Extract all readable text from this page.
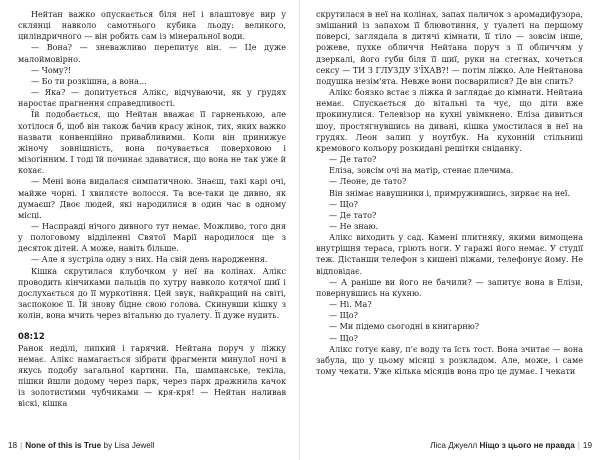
Нейтан важко опускається біля неї і влаштовує вир у склянці навколо самотнього кубика льоду: великого, циліндричного — він робить сам із мінеральної води.

— Вона? — зневажливо перепитує він. — Це дуже малоймовірно.

— Чому?!

— Бо ти розкішна, а вона…

— Яка? — допитується Алікс, відчуваючи, як у грудях наростає прагнення справедливості.

Їй подобається, що Нейтан вважає її гарненькою, але хотілося б, щоб він також бачив красу жінок, тих, яких важко назвати конвенційно привабливими. Коли він принижує жіночу зовнішність, вона почувається поверховою і мізогінним. І тоді їй починає здаватися, що вона не так уже й кохає.

— Мені вона видалася симпатичною. Знаєш, такі карі очі, майже чорні. І хвилясте волосся. Та все-таки це дивно, як думаєш? Двоє людей, які народилися в один час в одному місці.

— Насправді нічого дивного тут немає. Можливо, того дня у пологовому відділенні Святої Марії народилося ще з десяток дітей. А може, навіть більше.

— Але я зустріла одну з них. На свій день народження.

Кішка скрутилася клубочком у неї на колінах. Алікс проводить кінчиками пальців по хутру навколо котячої шиї і дослухається до її муркотіння. Цей звук, найкращий на світі, заспокоює її. Їй знову бідне свою голова. Скинувши кішку з колін, вона мчить через вітальню до туалету. Її дуже нудить.

08:12

Ранок неділі, липкий і гарячий. Нейтана поруч у ліжку немає. Алікс намагається зібрати фрагменти минулої ночі в якусь подобу загальної картини. Па, шампанське, текіла, пішки йшли додому через парк, через парк дражнила качок із золотистими чубчиками — кря-кря! — Нейтан наливав віскі, кішка

18 | None of this is True by Lisa Jewell

скрутилася в неї на колінах, запах паличок з аромадифузора, змішаний із запахом її блювотиння, у туалеті на першому поверсі, заглядала в дитячі кімнати, її тіло — зовсім інше, рожеве, пухке обличчя Нейтана поруч з її обличчям у дзеркалі, його губи біля її шиї, руки на стегнах, хочеться сексу — ТИ З ГЛУЗДУ З'ЇХАВ?! — потім ліжко. Але Нейтанова подушка незім'ята. Невже вони посварилися? Де він спить?

Алікс боязко встає з ліжка й заглядає до кімнати. Нейтана немає. Спускається до вітальні та чує, що діти вже прокинулися. Телевізор на кухні увімкнено. Еліза дивиться шоу, простягнувшись на дивані, кішка умостилася в неї на грудях. Леон залип у ноутбук. На кухонній стільниці кремового кольору розкидані решітки сніданку.

— Де тато?

Еліза, зовсім очі на матір, стенає плечима.

— Леоне, де тато?

Він знімає навушники і, примружившись, зиркає на неї.

— Що?

— Де тато?

— Не знаю.

Алікс виходить у сад. Камені плитняку, якими вимощена внутрішня тераса, гріють ноги. У гаражі його немає. У студії теж. Дістанши телефон з кишені піжами, телефонує йому. Не відповідає.

— А раніше ви його не бачили? — запитує вона в Елізи, повернувшись на кухню.

— Ні. Ма?

— Що?

— Ми підемо сьогодні в книгарню?

— Що?

Алікс готує каву, п'є воду та їсть тост. Вона зчитає — вона забула, що у цьому місяці з розкладом. Але, може, і саме тому чекати. Уже кілька місяців вона про це думає. І чекати

Ліса Джуелл Ніщо з цього не правда | 19
